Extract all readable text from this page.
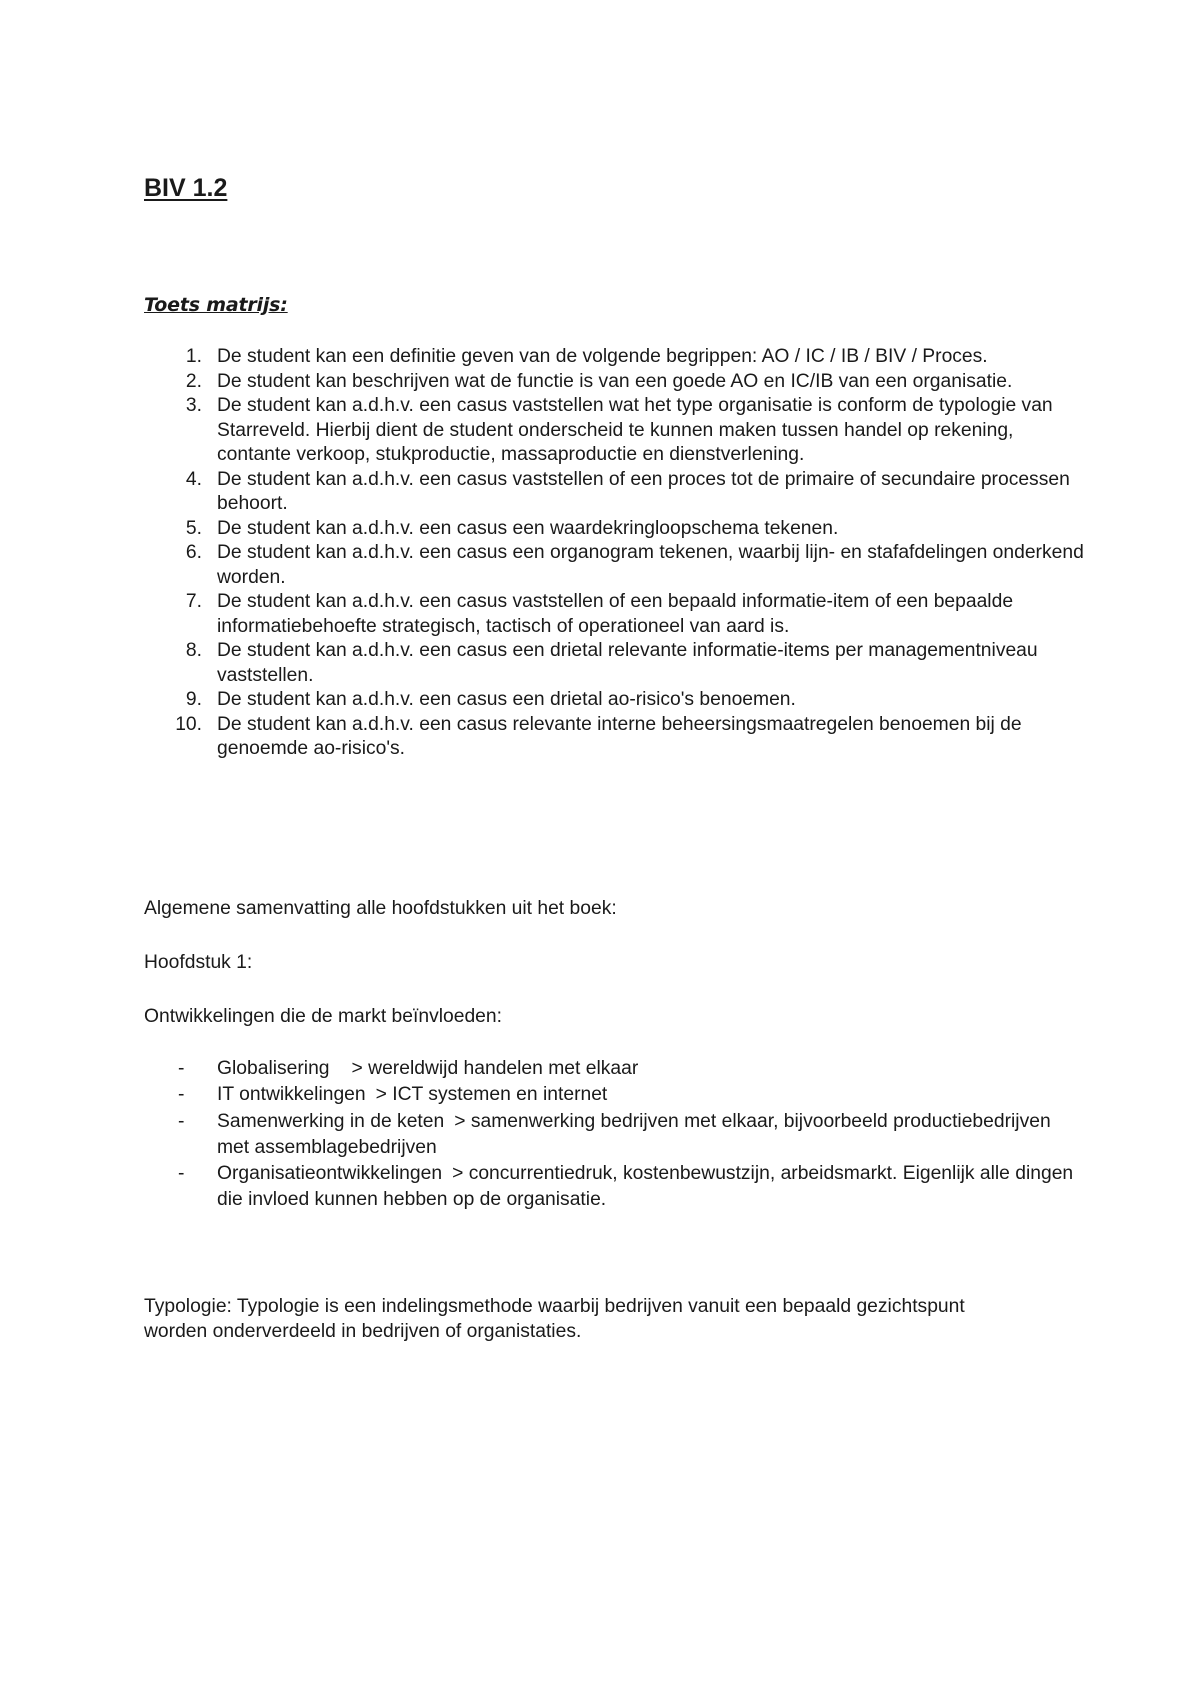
BIV 1.2
Toets matrijs:
1. De student kan een definitie geven van de volgende begrippen: AO / IC / IB / BIV / Proces.
2. De student kan beschrijven wat de functie is van een goede AO en IC/IB van een organisatie.
3. De student kan a.d.h.v. een casus vaststellen wat het type organisatie is conform de typologie van Starreveld. Hierbij dient de student onderscheid te kunnen maken tussen handel op rekening, contante verkoop, stukproductie, massaproductie en dienstverlening.
4. De student kan a.d.h.v. een casus vaststellen of een proces tot de primaire of secundaire processen behoort.
5. De student kan a.d.h.v. een casus een waardekringloopschema tekenen.
6. De student kan a.d.h.v. een casus een organogram tekenen, waarbij lijn- en stafafdelingen onderkend worden.
7. De student kan a.d.h.v. een casus vaststellen of een bepaald informatie-item of een bepaalde informatiebehoefte strategisch, tactisch of operationeel van aard is.
8. De student kan a.d.h.v. een casus een drietal relevante informatie-items per managementniveau vaststellen.
9. De student kan a.d.h.v. een casus een drietal ao-risico's benoemen.
10. De student kan a.d.h.v. een casus relevante interne beheersingsmaatregelen benoemen bij de genoemde ao-risico's.

Algemene samenvatting alle hoofdstukken uit het boek:

Hoofdstuk 1:

Ontwikkelingen die de markt beïnvloeden:

- Globalisering > wereldwijd handelen met elkaar
- IT ontwikkelingen > ICT systemen en internet
- Samenwerking in de keten > samenwerking bedrijven met elkaar, bijvoorbeeld productiebedrijven met assemblagebedrijven
- Organisatieontwikkelingen > concurrentiedruk, kostenbewustzijn, arbeidsmarkt. Eigenlijk alle dingen die invloed kunnen hebben op de organisatie.

Typologie: Typologie is een indelingsmethode waarbij bedrijven vanuit een bepaald gezichtspunt worden onderverdeeld in bedrijven of organistaties.
